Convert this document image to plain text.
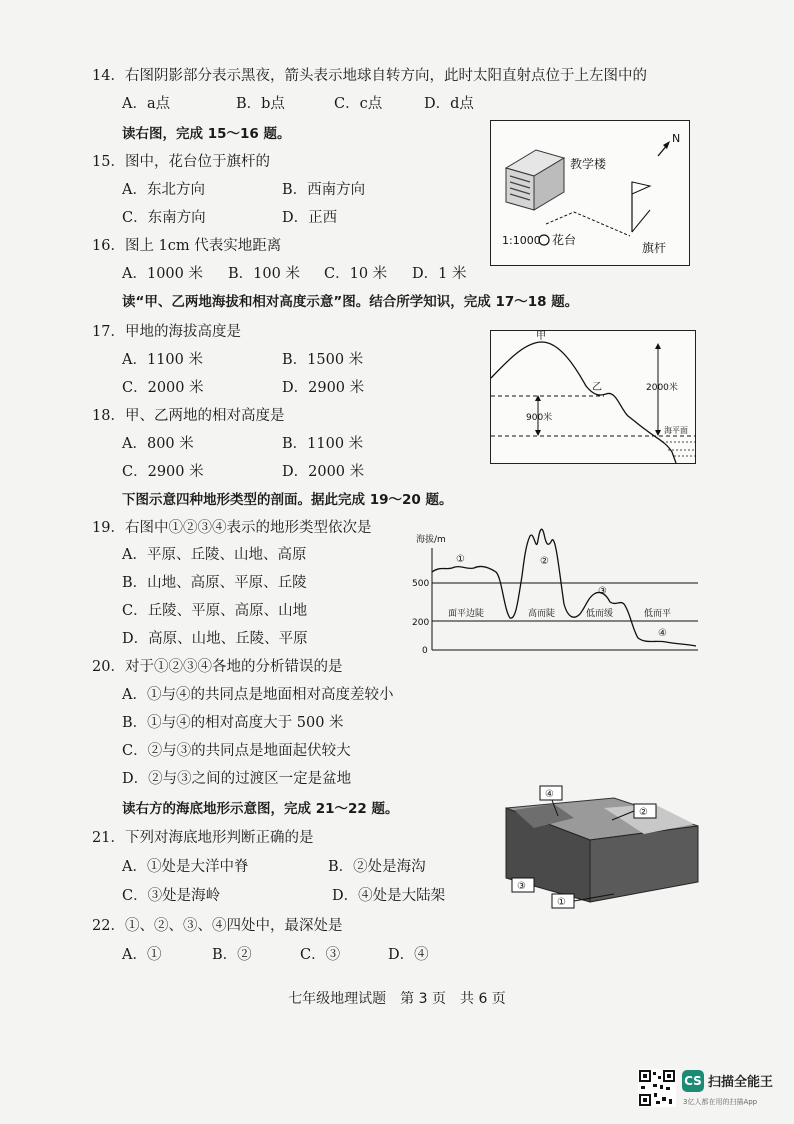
14．右图阴影部分表示黑夜，箭头表示地球自转方向，此时太阳直射点位于上左图中的
A．a点	B．b点	C．c点	D．d点
读右图，完成 15～16 题。
15．图中，花台位于旗杆的
A．东北方向	B．西南方向
C．东南方向	D．正西
16．图上 1cm 代表实地距离
A．1000 米 B．100 米 C．10 米 D．1 米
读“甲、乙两地海拔和相对高度示意”图。结合所学知识，完成 17～18 题。
17．甲地的海拔高度是
A．1100 米	B．1500 米
C．2000 米	D．2900 米
18．甲、乙两地的相对高度是
A．800 米	B．1100 米
C．2900 米	D．2000 米
下图示意四种地形类型的剖面。据此完成 19～20 题。
19．右图中①②③④表示的地形类型依次是
A．平原、丘陵、山地、高原
B．山地、高原、平原、丘陵
C．丘陵、平原、高原、山地
D．高原、山地、丘陵、平原
20．对于①②③④各地的分析错误的是
A．①与④的共同点是地面相对高度差较小
B．①与④的相对高度大于 500 米
C．②与③的共同点是地面起伏较大
D．②与③之间的过渡区一定是盆地
读右方的海底地形示意图，完成 21～22 题。
21．下列对海底地形判断正确的是
A．①处是大洋中脊	B．②处是海沟
C．③处是海岭	D．④处是大陆架
22．①、②、③、④四处中，最深处是
A．①	B．②	C．③	D．④
教学楼
N
1:1000 花台
旗杆
甲
乙	2000米
900米
海平面
海拔/m
500
200
0
①	②
③
④
面平边陡	高而陡	低而缓	低而平
④
②
③
①
七年级地理试题　第 3 页　共 6 页
CS 扫描全能王
3亿人都在用的扫描App
